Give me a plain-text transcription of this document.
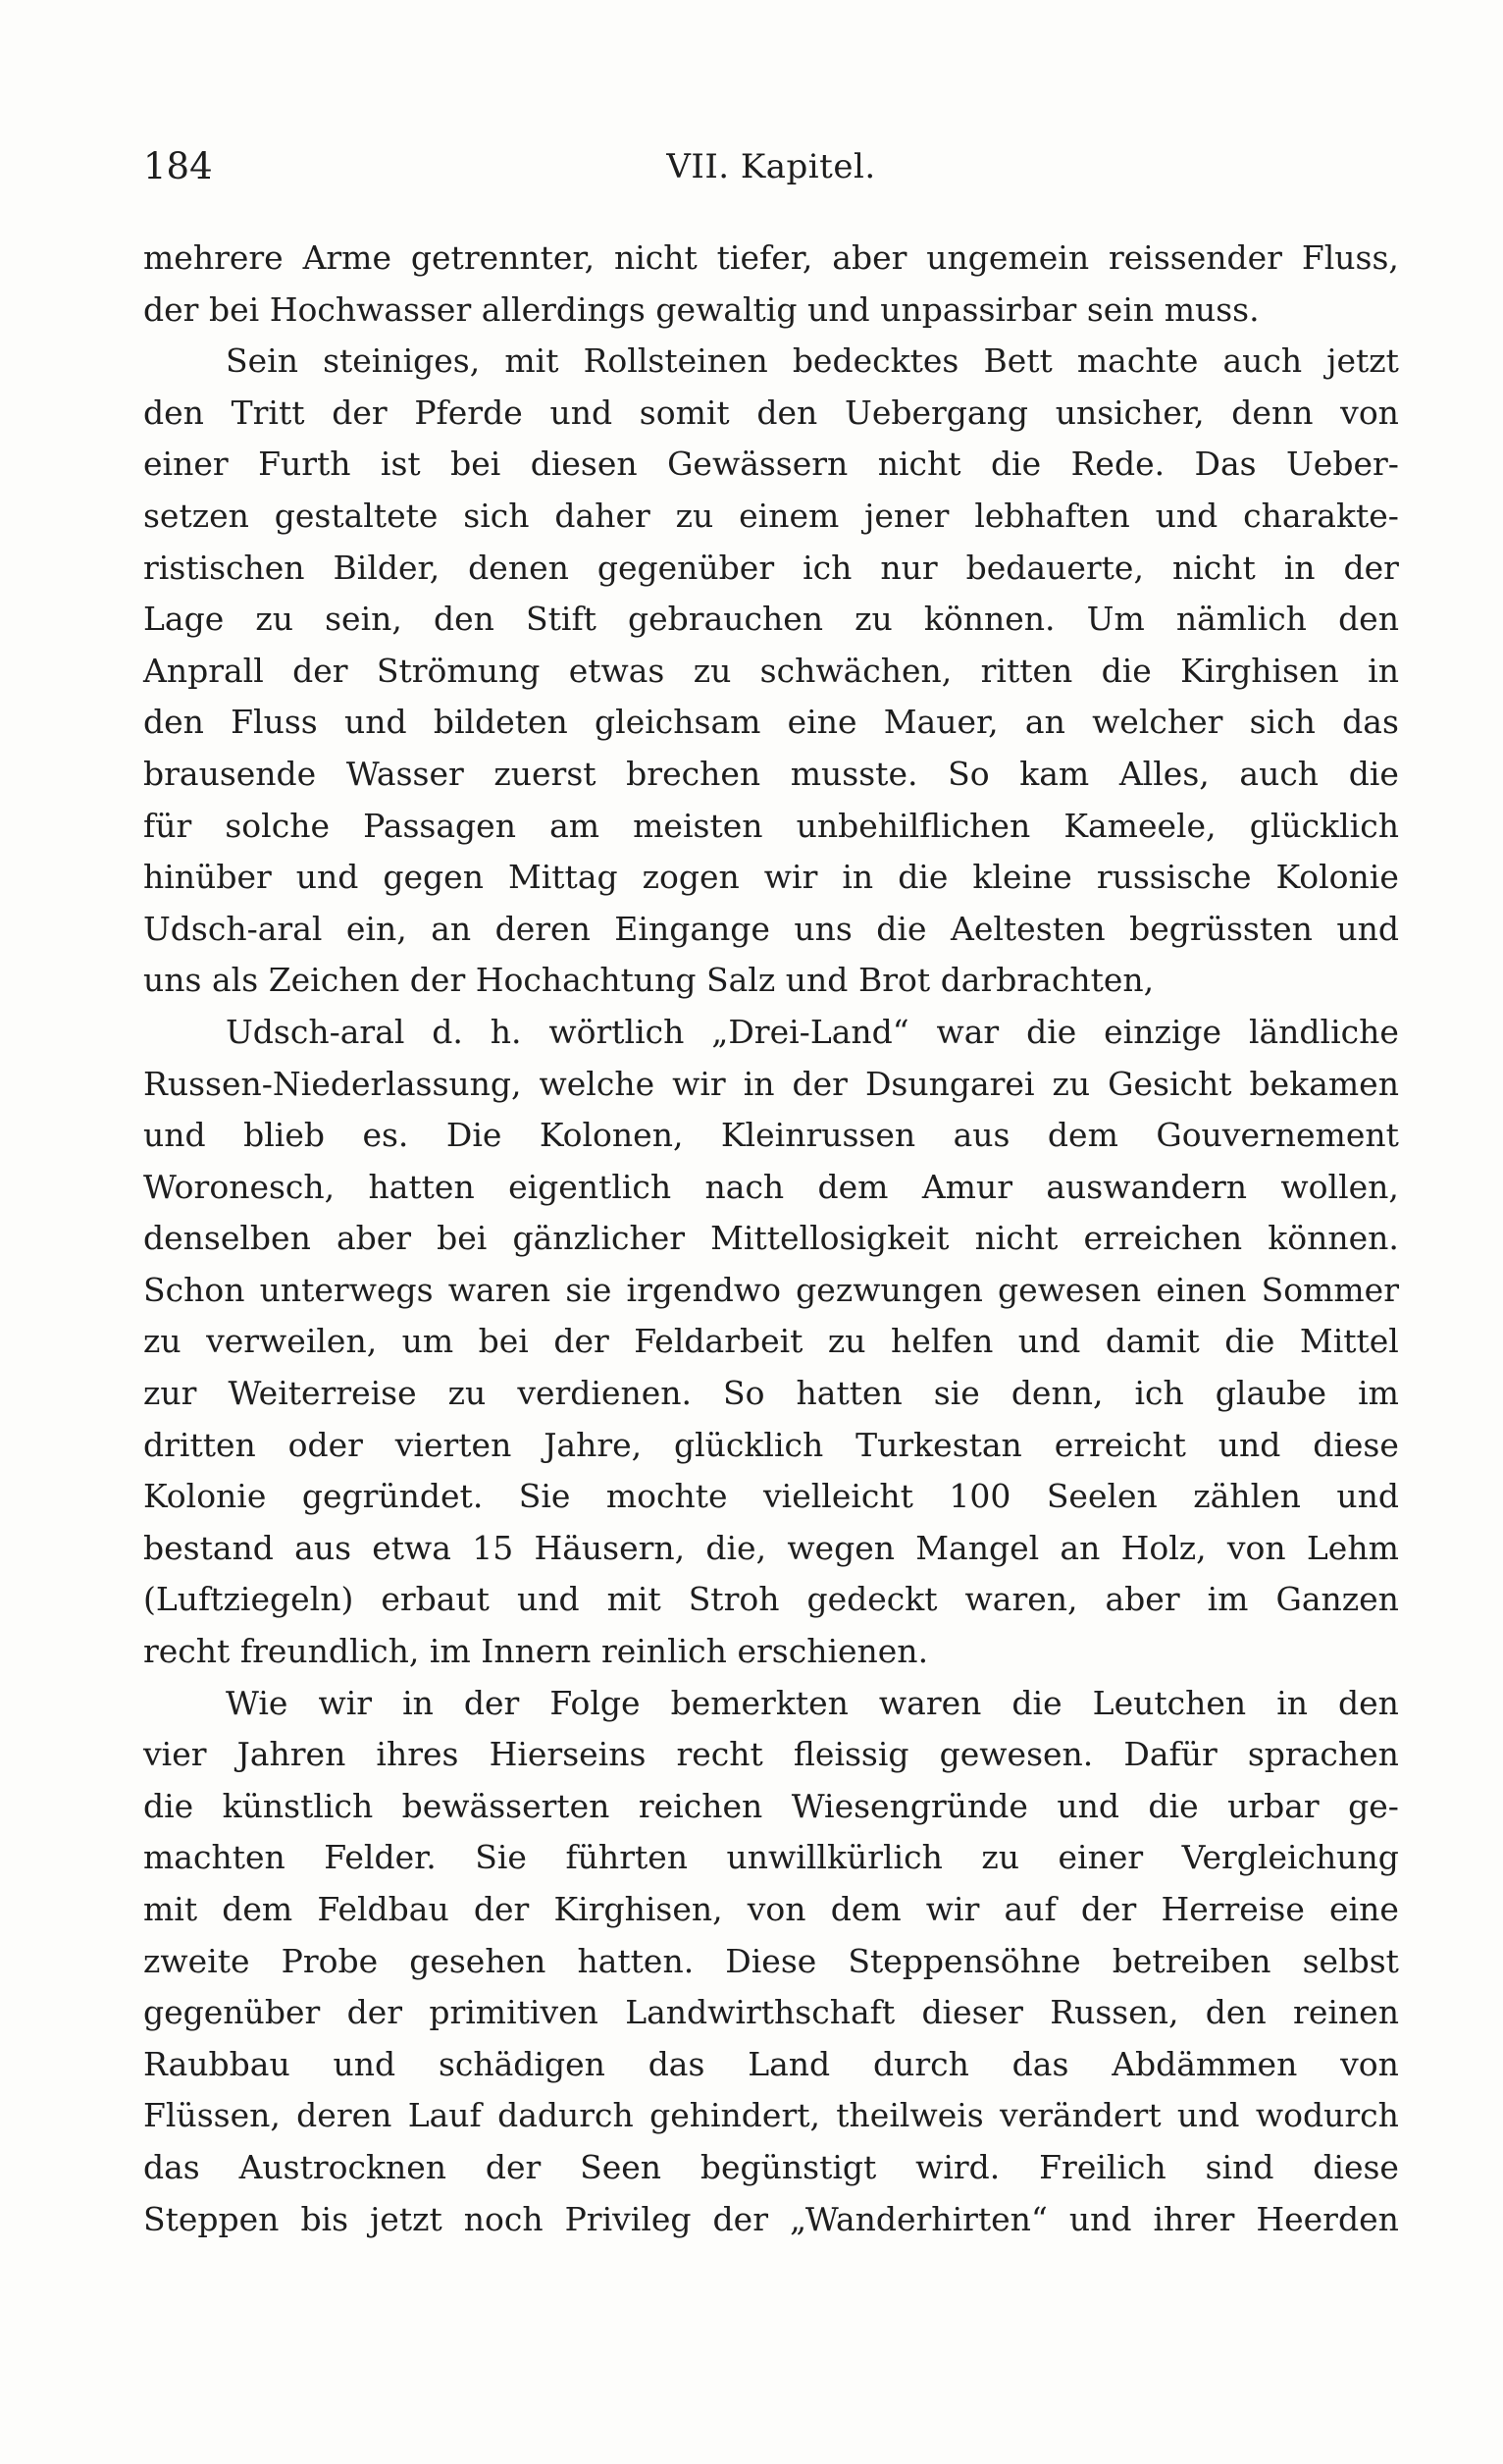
184	VII. Kapitel.
mehrere Arme getrennter, nicht tiefer, aber ungemein reissender Fluss,
der bei Hochwasser allerdings gewaltig und unpassirbar sein muss.
Sein steiniges, mit Rollsteinen bedecktes Bett machte auch jetzt
den Tritt der Pferde und somit den Uebergang unsicher, denn von
einer Furth ist bei diesen Gewässern nicht die Rede. Das Ueber-
setzen gestaltete sich daher zu einem jener lebhaften und charakte-
ristischen Bilder, denen gegenüber ich nur bedauerte, nicht in der
Lage zu sein, den Stift gebrauchen zu können. Um nämlich den
Anprall der Strömung etwas zu schwächen, ritten die Kirghisen in
den Fluss und bildeten gleichsam eine Mauer, an welcher sich das
brausende Wasser zuerst brechen musste. So kam Alles, auch die
für solche Passagen am meisten unbehilflichen Kameele, glücklich
hinüber und gegen Mittag zogen wir in die kleine russische Kolonie
Udsch-aral ein, an deren Eingange uns die Aeltesten begrüssten und
uns als Zeichen der Hochachtung Salz und Brot darbrachten,
Udsch-aral d. h. wörtlich „Drei-Land“ war die einzige ländliche
Russen-Niederlassung, welche wir in der Dsungarei zu Gesicht bekamen
und blieb es. Die Kolonen, Kleinrussen aus dem Gouvernement
Woronesch, hatten eigentlich nach dem Amur auswandern wollen,
denselben aber bei gänzlicher Mittellosigkeit nicht erreichen können.
Schon unterwegs waren sie irgendwo gezwungen gewesen einen Sommer
zu verweilen, um bei der Feldarbeit zu helfen und damit die Mittel
zur Weiterreise zu verdienen. So hatten sie denn, ich glaube im
dritten oder vierten Jahre, glücklich Turkestan erreicht und diese
Kolonie gegründet. Sie mochte vielleicht 100 Seelen zählen und
bestand aus etwa 15 Häusern, die, wegen Mangel an Holz, von Lehm
(Luftziegeln) erbaut und mit Stroh gedeckt waren, aber im Ganzen
recht freundlich, im Innern reinlich erschienen.
Wie wir in der Folge bemerkten waren die Leutchen in den
vier Jahren ihres Hierseins recht fleissig gewesen. Dafür sprachen
die künstlich bewässerten reichen Wiesengründe und die urbar ge-
machten Felder. Sie führten unwillkürlich zu einer Vergleichung
mit dem Feldbau der Kirghisen, von dem wir auf der Herreise eine
zweite Probe gesehen hatten. Diese Steppensöhne betreiben selbst
gegenüber der primitiven Landwirthschaft dieser Russen, den reinen
Raubbau und schädigen das Land durch das Abdämmen von
Flüssen, deren Lauf dadurch gehindert, theilweis verändert und wodurch
das Austrocknen der Seen begünstigt wird. Freilich sind diese
Steppen bis jetzt noch Privileg der „Wanderhirten“ und ihrer Heerden
